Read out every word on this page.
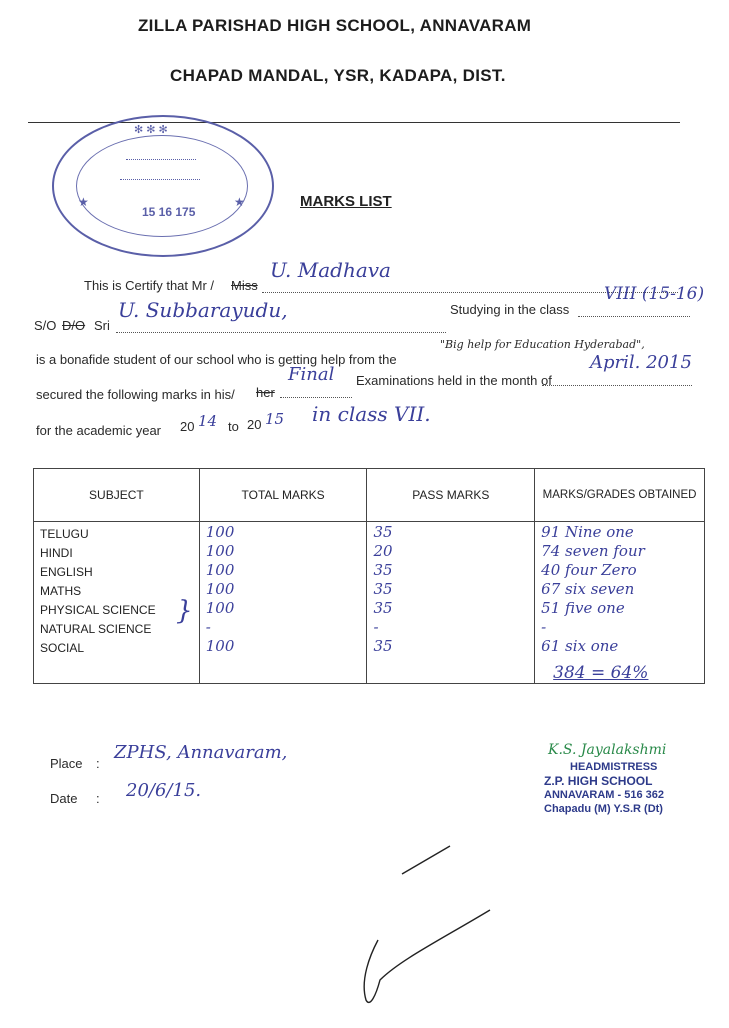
ZILLA PARISHAD HIGH SCHOOL, ANNAVARAM
CHAPAD MANDAL, YSR, KADAPA, DIST.
✻ ✻ ✻
15 16 175
★	★	MARKS LIST
This is Certify that Mr / Miss
U. Madhava
S/O D/O Sri
U. Subbarayudu,	Studying in the class
VIII (15-16)
is a bonafide student of our school who is getting help from the
"Big help for Education Hyderabad",
secured the following marks in his/ her
Final Examinations held in the month of
April. 2015
for the academic year 20 14 to 20 15 in class VII.
SUBJECT	TOTAL MARKS	PASS MARKS	MARKS/GRADES OBTAINED
TELUGU	100	35	91 Nine one
HINDI	100	20	74 seven four
ENGLISH	100	35	40 four Zero
MATHS	100	35	67 six seven
PHYSICAL SCIENCE	100	35	51 five one
NATURAL SCIENCE	-	-	-
SOCIAL	100	35	61 six one
			384 = 64%
}
Place :
ZPHS, Annavaram,
Date : 20/6/15.
K.S. Jayalakshmi
HEADMISTRESS
Z.P. HIGH SCHOOL
ANNAVARAM - 516 362
Chapadu (M) Y.S.R (Dt)
